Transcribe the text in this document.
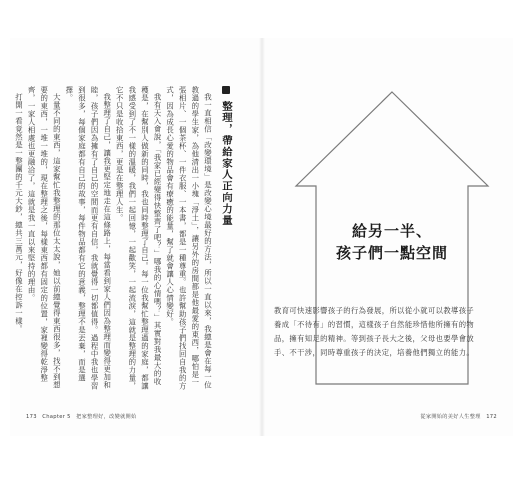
整理，帶給家人正向力量

我一直相信「改變環境」是改變心境最好的方法，所以一直以來，我總是會在每一位教過的學生家，為他清出一小塊「淨土」，讓另外的房間都是他最愛的東西，哪怕是一張相片、一個茶杯、一件衣服、一本書，都是一種尊重。也許幫助孩子們找回自我的方式，因為成長心愛的物品會有療癒的能量，幫了就會讓人心情變好。

我有天入會說，「我家已經變得快整齊了吧？」哪我的心情嗎？」其實對我最大的收穫是，在幫別人做新的同時，我也同時整理了自己。每一位我幫忙整理過的家庭，都讓我感受到了不一樣的溫暖，我們一起回憶，一起歡笑，一起流淚，這就是整理的力量，它不只是收拾東西，更是在整理人生。

我整理了自己，讓我更堅定地走在這條路上，每當看到家人們因為整理而變得更加和睦，孩子們因為擁有了自己的空間而更有自信，我就覺得一切都值得。過程中我也學習到很多，每個家庭都有自己的故事，每件物品都有它的意義，整理不是丟棄，而是選擇。

大量不同的東西，這家幫忙我整理的那位太太說，她以前總覺得東西很多，找不到想要的東西，一堆一堆的，現在整理之後，每樣東西都有固定的位置，家裡變得乾淨整齊，一家人相處也更融洽了，這就是我一直以來堅持的理由。

打開一看竟然是一整團的千元大鈔，總共三萬元，好像在控訴一樣。

173　Chapter 5　把家整理好，改變就開始
給另一半、
孩子們一點空間
教育可快速影響孩子的行為發展，所以從小就可以教導孩子養成「不待有」的習慣，這樣孩子自然能珍惜他所擁有的物品，擁有知足的精神。等到孩子長大之後，父母也要學會放手、不干涉，同時尊重孩子的決定，培養他們獨立的能力。
從家開始的美好人生整理　172
